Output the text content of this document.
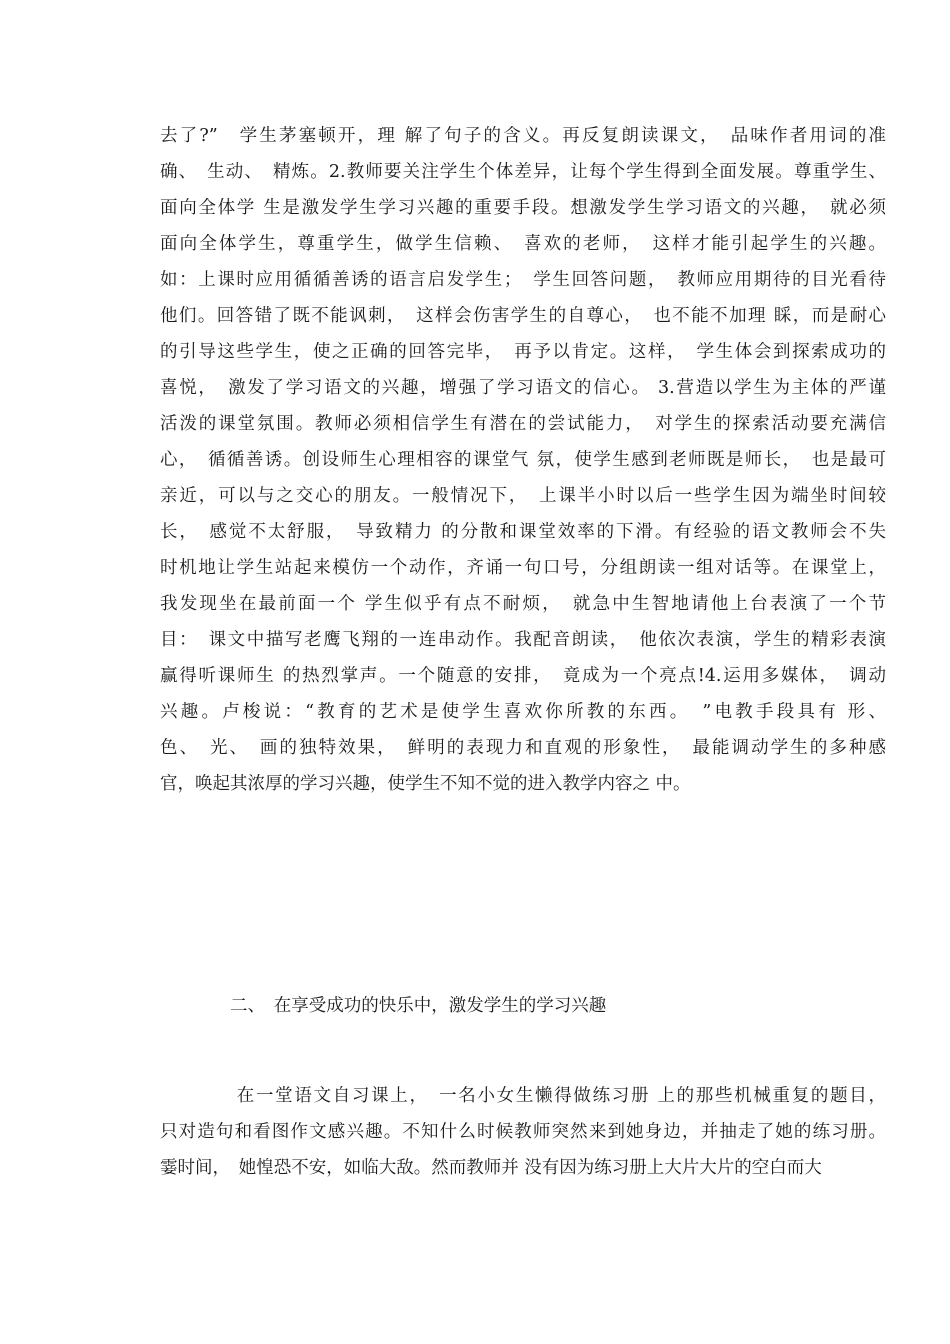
去了?”　学生茅塞顿开，理 解了句子的含义。再反复朗读课文，　品味作者用词的准
确、　生动、　精炼。2.教师要关注学生个体差异，让每个学生得到全面发展。尊重学生、
面向全体学 生是激发学生学习兴趣的重要手段。想激发学生学习语文的兴趣，　就必须
面向全体学生，尊重学生，做学生信赖、　喜欢的老师，　这样才能引起学生的兴趣。
如：上课时应用循循善诱的语言启发学生；　学生回答问题，　教师应用期待的目光看待
他们。回答错了既不能讽刺，　这样会伤害学生的自尊心，　也不能不加理 睬，而是耐心
的引导这些学生，使之正确的回答完毕，　再予以肯定。这样，　学生体会到探索成功的
喜悦，　激发了学习语文的兴趣，增强了学习语文的信心。 3.营造以学生为主体的严谨
活泼的课堂氛围。教师必须相信学生有潜在的尝试能力，　对学生的探索活动要充满信
心，　循循善诱。创设师生心理相容的课堂气 氛，使学生感到老师既是师长，　也是最可
亲近，可以与之交心的朋友。一般情况下，　上课半小时以后一些学生因为端坐时间较
长，　感觉不太舒服，　导致精力 的分散和课堂效率的下滑。有经验的语文教师会不失
时机地让学生站起来模仿一个动作，齐诵一句口号，分组朗读一组对话等。在课堂上，
我发现坐在最前面一个 学生似乎有点不耐烦，　就急中生智地请他上台表演了一个节
目：　课文中描写老鹰飞翔的一连串动作。我配音朗读，　他依次表演，学生的精彩表演
赢得听课师生 的热烈掌声。一个随意的安排，　竟成为一个亮点!4.运用多媒体，　调动
兴趣。卢梭说：“教育的艺术是使学生喜欢你所教的东西。　”电教手段具有 形、
色、　光、　画的独特效果，　鲜明的表现力和直观的形象性，　最能调动学生的多种感
官，唤起其浓厚的学习兴趣，使学生不知不觉的进入教学内容之 中。
　　　　二、　在享受成功的快乐中，激发学生的学习兴趣
　　　　在一堂语文自习课上，　一名小女生懒得做练习册 上的那些机械重复的题目，
只对造句和看图作文感兴趣。不知什么时候教师突然来到她身边，并抽走了她的练习册。
霎时间，　她惶恐不安，如临大敌。然而教师并 没有因为练习册上大片大片的空白而大
